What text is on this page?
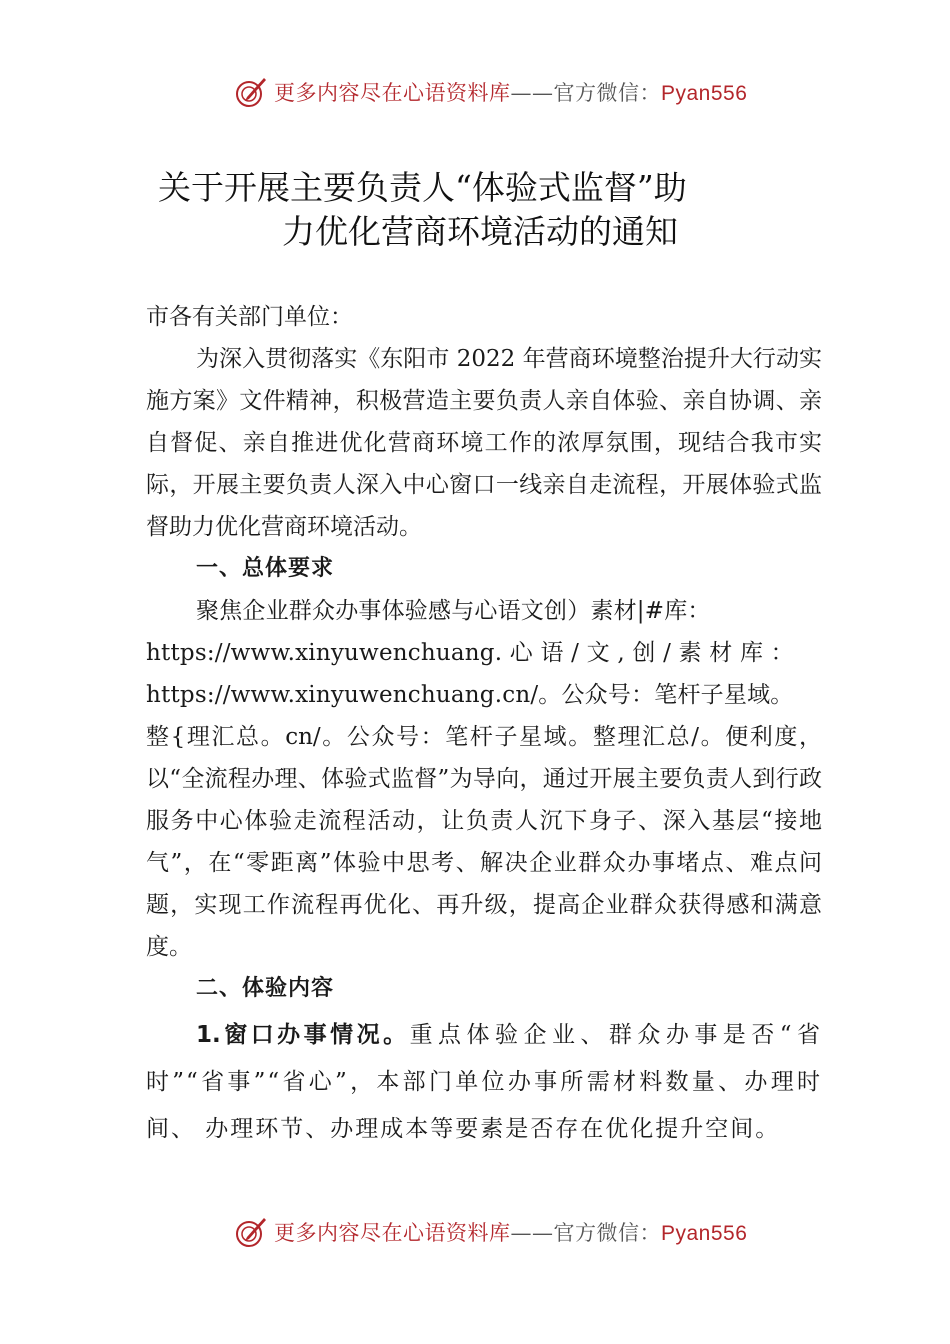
更多内容尽在心语资料库——官方微信：Pyan556
关于开展主要负责人“体验式监督”助
力优化营商环境活动的通知

市各有关部门单位：

为深入贯彻落实《东阳市 2022 年营商环境整治提升大行动实施方案》文件精神，积极营造主要负责人亲自体验、亲自协调、亲自督促、亲自推进优化营商环境工作的浓厚氛围，现结合我市实际，开展主要负责人深入中心窗口一线亲自走流程，开展体验式监督助力优化营商环境活动。

一、总体要求

聚焦企业群众办事体验感与心语文创）素材|#库：

https://www.xinyuwenchuang. 心 语 / 文 , 创 / 素 材 库 ：

https://www.xinyuwenchuang.cn/。公众号：笔杆子星域。

整{理汇总。cn/。公众号：笔杆子星域。整理汇总/。便利度，以“全流程办理、体验式监督”为导向，通过开展主要负责人到行政服务中心体验走流程活动，让负责人沉下身子、深入基层“接地气”，在“零距离”体验中思考、解决企业群众办事堵点、难点问题，实现工作流程再优化、再升级，提高企业群众获得感和满意度。

二、体验内容

1.窗口办事情况。重点体验企业、群众办事是否“省时”“省事”“省心”，本部门单位办事所需材料数量、办理时间、 办理环节、办理成本等要素是否存在优化提升空间。

更多内容尽在心语资料库——官方微信：Pyan556
